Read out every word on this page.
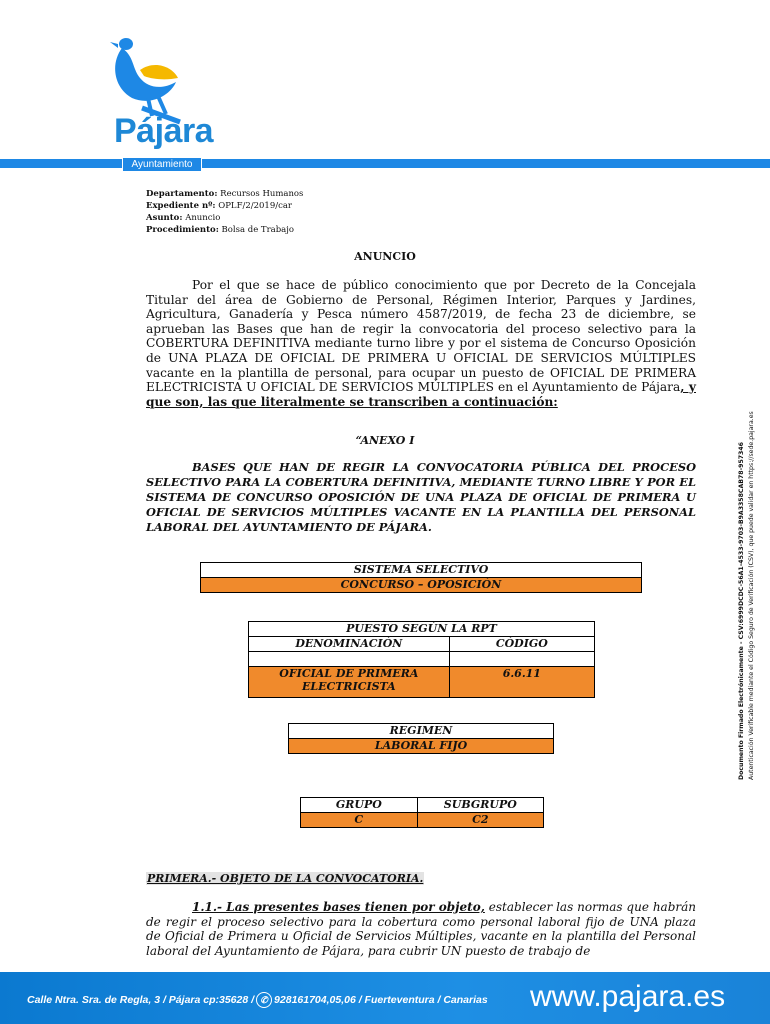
Pájara
Ayuntamiento
Departamento: Recursos Humanos
Expediente nº: OPLF/2/2019/car
Asunto: Anuncio
Procedimiento: Bolsa de Trabajo
ANUNCIO
Por el que se hace de público conocimiento que por Decreto de la Concejala Titular del área de Gobierno de Personal, Régimen Interior, Parques y Jardines, Agricultura, Ganadería y Pesca número 4587/2019, de fecha 23 de diciembre, se aprueban las Bases que han de regir la convocatoria del proceso selectivo para la COBERTURA DEFINITIVA mediante turno libre y por el sistema de Concurso Oposición de UNA PLAZA DE OFICIAL DE PRIMERA U OFICIAL DE SERVICIOS MÚLTIPLES vacante en la plantilla de personal, para ocupar un puesto de OFICIAL DE PRIMERA ELECTRICISTA U OFICIAL DE SERVICIOS MÚLTIPLES en el Ayuntamiento de Pájara, y que son, las que literalmente se transcriben a continuación:
“ANEXO I
BASES QUE HAN DE REGIR LA CONVOCATORIA PÚBLICA DEL PROCESO SELECTIVO PARA LA COBERTURA DEFINITIVA, MEDIANTE TURNO LIBRE Y POR EL SISTEMA DE CONCURSO OPOSICIÓN DE UNA PLAZA DE OFICIAL DE PRIMERA U OFICIAL DE SERVICIOS MÚLTIPLES VACANTE EN LA PLANTILLA DEL PERSONAL LABORAL DEL AYUNTAMIENTO DE PÁJARA.
SISTEMA SELECTIVO
CONCURSO – OPOSICIÓN
PUESTO SEGÚN LA RPT	
DENOMINACIÓN	CÓDIGO

OFICIAL DE PRIMERA ELECTRICISTA	6.6.11
REGIMEN
LABORAL FIJO
GRUPO	SUBGRUPO
C	C2
PRIMERA.- OBJETO DE LA CONVOCATORIA.
1.1.- Las presentes bases tienen por objeto, establecer las normas que habrán de regir el proceso selectivo para la cobertura como personal laboral fijo de UNA plaza de Oficial de Primera u Oficial de Servicios Múltiples, vacante en la plantilla del Personal laboral del Ayuntamiento de Pájara, para cubrir UN puesto de trabajo de
Documento Firmado Electrónicamente - CSV:6999DCDC-56A1-4533-9703-B9A3358CAB78-957346 Autenticación Verificable mediante el Código Seguro de Verificación (CSV), que puede validar en https://sede.pajara.es
Calle Ntra. Sra. de Regla, 3 / Pájara cp:35628 / ✆ 928161704,05,06 / Fuerteventura / Canarias www.pajara.es
